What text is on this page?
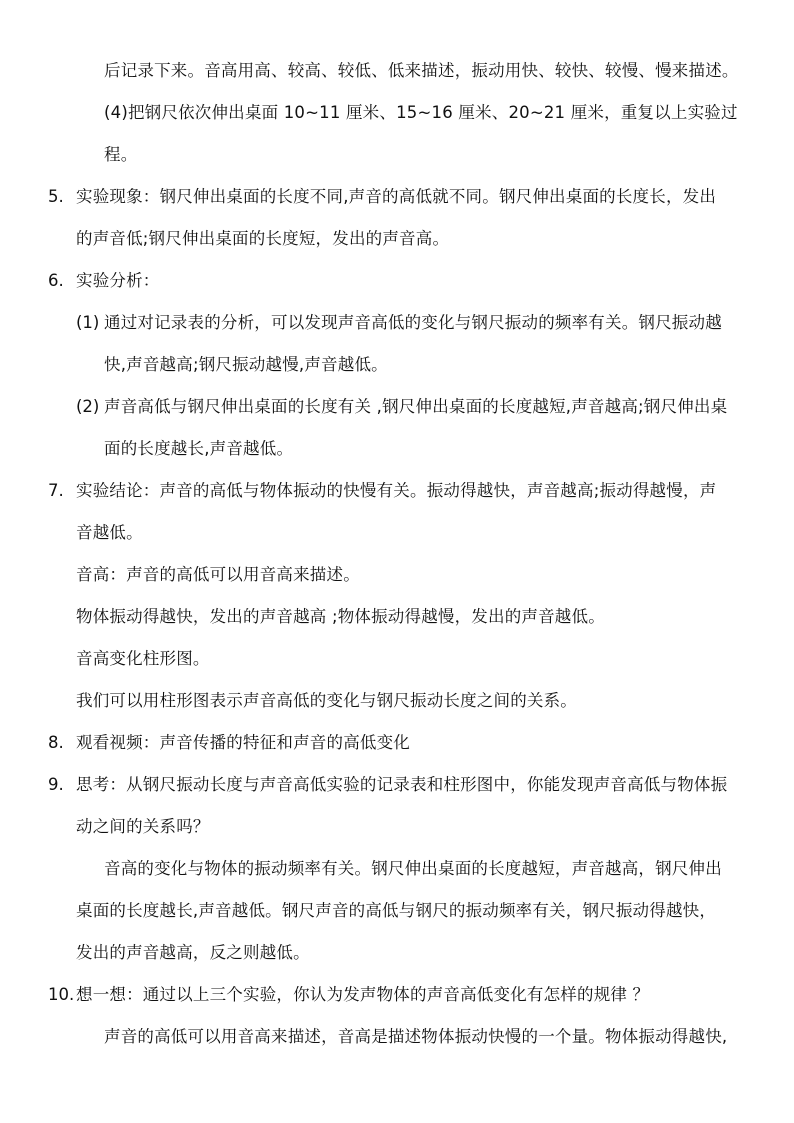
后记录下来。音高用高、较高、较低、低来描述，振动用快、较快、较慢、慢来描述。
(4)把钢尺依次伸出桌面 10~11 厘米、15~16 厘米、20~21 厘米，重复以上实验过
程。
5. 实验现象：钢尺伸出桌面的长度不同,声音的高低就不同。钢尺伸出桌面的长度长，发出
的声音低;钢尺伸出桌面的长度短，发出的声音高。
6. 实验分析：
(1) 通过对记录表的分析，可以发现声音高低的变化与钢尺振动的频率有关。钢尺振动越
快,声音越高;钢尺振动越慢,声音越低。
(2) 声音高低与钢尺伸出桌面的长度有关 ,钢尺伸出桌面的长度越短,声音越高;钢尺伸出桌
面的长度越长,声音越低。
7. 实验结论：声音的高低与物体振动的快慢有关。振动得越快，声音越高;振动得越慢，声
音越低。
音高：声音的高低可以用音高来描述。
物体振动得越快，发出的声音越高 ;物体振动得越慢，发出的声音越低。
音高变化柱形图。
我们可以用柱形图表示声音高低的变化与钢尺振动长度之间的关系。
8. 观看视频：声音传播的特征和声音的高低变化
9. 思考：从钢尺振动长度与声音高低实验的记录表和柱形图中，你能发现声音高低与物体振
动之间的关系吗？
音高的变化与物体的振动频率有关。钢尺伸出桌面的长度越短，声音越高，钢尺伸出
桌面的长度越长,声音越低。钢尺声音的高低与钢尺的振动频率有关，钢尺振动得越快，
发出的声音越高，反之则越低。
10. 想一想：通过以上三个实验，你认为发声物体的声音高低变化有怎样的规律 ？
声音的高低可以用音高来描述，音高是描述物体振动快慢的一个量。物体振动得越快,
